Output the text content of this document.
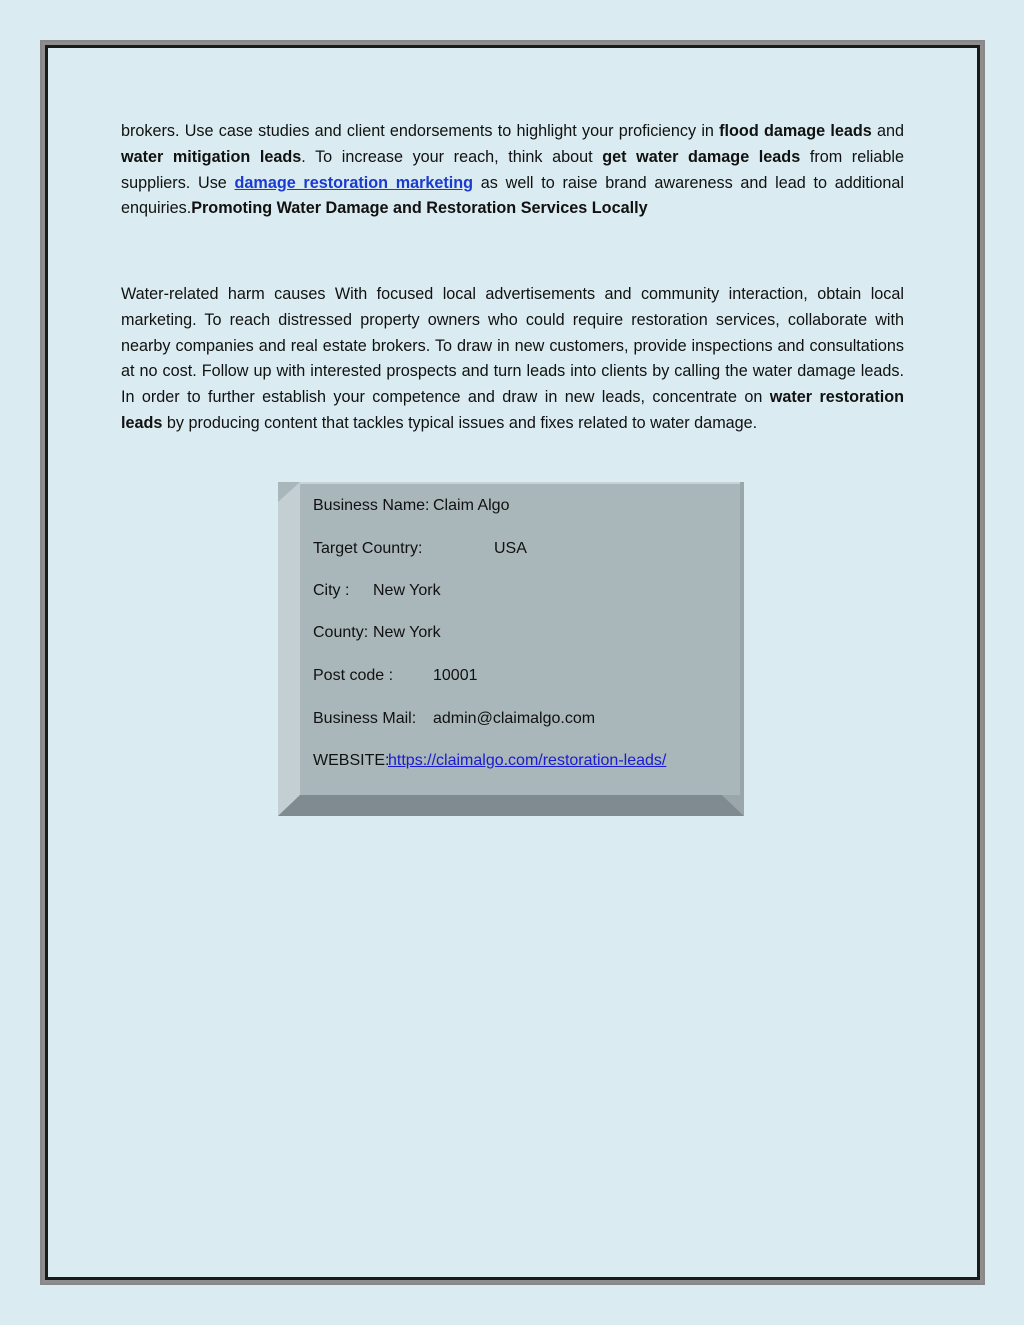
brokers. Use case studies and client endorsements to highlight your proficiency in flood damage leads and water mitigation leads. To increase your reach, think about get water damage leads from reliable suppliers. Use damage restoration marketing as well to raise brand awareness and lead to additional enquiries.Promoting Water Damage and Restoration Services Locally
Water-related harm causes With focused local advertisements and community interaction, obtain local marketing. To reach distressed property owners who could require restoration services, collaborate with nearby companies and real estate brokers. To draw in new customers, provide inspections and consultations at no cost. Follow up with interested prospects and turn leads into clients by calling the water damage leads. In order to further establish your competence and draw in new leads, concentrate on water restoration leads by producing content that tackles typical issues and fixes related to water damage.
Business Name: Claim Algo
Target Country:	USA
City : New York
County: New York
Post code : 10001
Business Mail: admin@claimalgo.com
WEBSITE:
https://claimalgo.com/restoration-leads/
